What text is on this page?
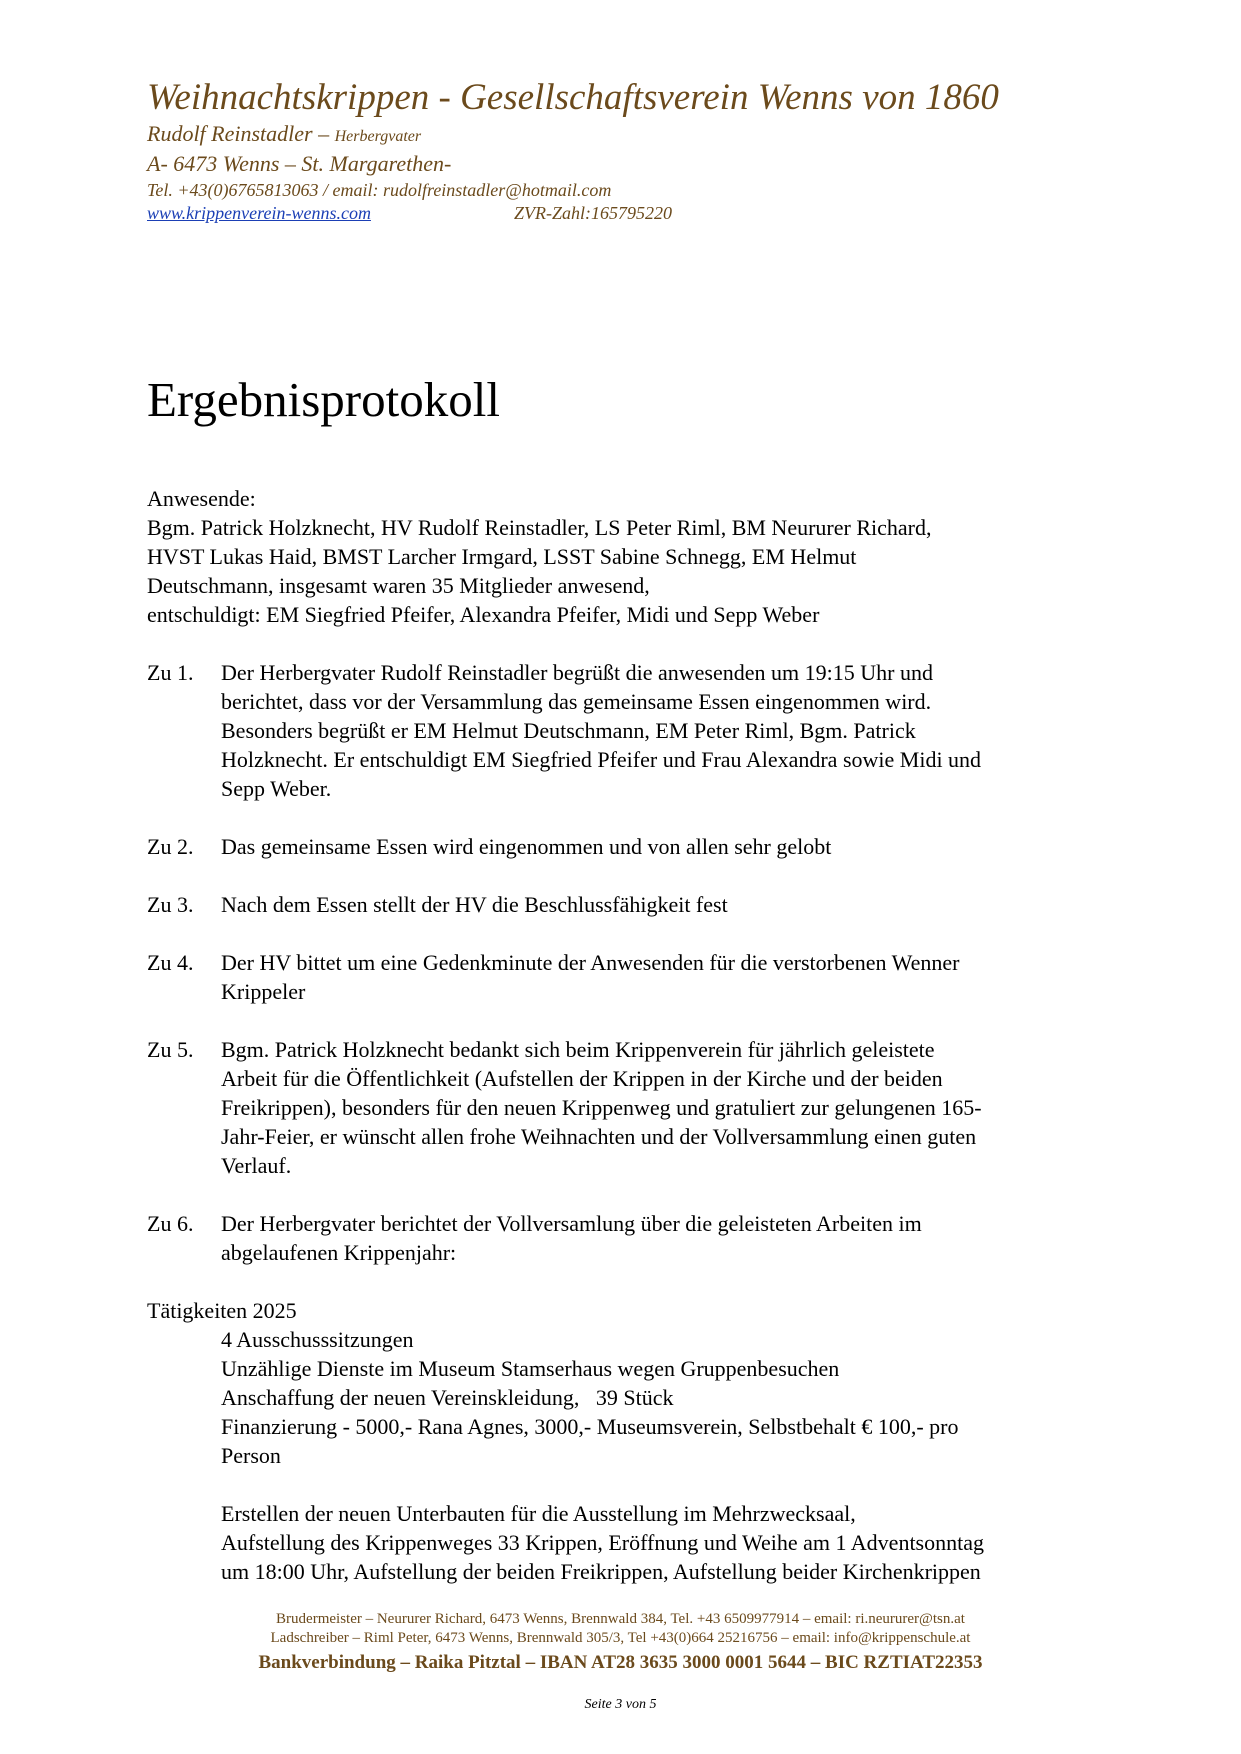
Weihnachtskrippen - Gesellschaftsverein Wenns von 1860
Rudolf Reinstadler – Herbergvater
A- 6473 Wenns – St. Margarethen-
Tel. +43(0)6765813063 / email: rudolfreinstadler@hotmail.com
www.krippenverein-wenns.com	ZVR-Zahl:165795220
Ergebnisprotokoll

Anwesende:

Bgm. Patrick Holzknecht, HV Rudolf Reinstadler, LS Peter Riml, BM Neururer Richard,

HVST Lukas Haid, BMST Larcher Irmgard, LSST Sabine Schnegg, EM Helmut

Deutschmann, insgesamt waren 35 Mitglieder anwesend,

entschuldigt: EM Siegfried Pfeifer, Alexandra Pfeifer, Midi und Sepp Weber

Zu 1. Der Herbergvater Rudolf Reinstadler begrüßt die anwesenden um 19:15 Uhr und

berichtet, dass vor der Versammlung das gemeinsame Essen eingenommen wird.

Besonders begrüßt er EM Helmut Deutschmann, EM Peter Riml, Bgm. Patrick

Holzknecht. Er entschuldigt EM Siegfried Pfeifer und Frau Alexandra sowie Midi und

Sepp Weber.

Zu 2. Das gemeinsame Essen wird eingenommen und von allen sehr gelobt

Zu 3. Nach dem Essen stellt der HV die Beschlussfähigkeit fest

Zu 4. Der HV bittet um eine Gedenkminute der Anwesenden für die verstorbenen Wenner

Krippeler

Zu 5. Bgm. Patrick Holzknecht bedankt sich beim Krippenverein für jährlich geleistete

Arbeit für die Öffentlichkeit (Aufstellen der Krippen in der Kirche und der beiden

Freikrippen), besonders für den neuen Krippenweg und gratuliert zur gelungenen 165-

Jahr-Feier, er wünscht allen frohe Weihnachten und der Vollversammlung einen guten

Verlauf.

Zu 6. Der Herbergvater berichtet der Vollversamlung über die geleisteten Arbeiten im

abgelaufenen Krippenjahr:

Tätigkeiten 2025

4 Ausschusssitzungen

Unzählige Dienste im Museum Stamserhaus wegen Gruppenbesuchen

Anschaffung der neuen Vereinskleidung,   39 Stück

Finanzierung - 5000,- Rana Agnes, 3000,- Museumsverein, Selbstbehalt € 100,- pro

Person

Erstellen der neuen Unterbauten für die Ausstellung im Mehrzwecksaal,

Aufstellung des Krippenweges 33 Krippen, Eröffnung und Weihe am 1 Adventsonntag

um 18:00 Uhr, Aufstellung der beiden Freikrippen, Aufstellung beider Kirchenkrippen

Brudermeister – Neururer Richard, 6473 Wenns, Brennwald 384, Tel. +43 6509977914 – email: ri.neururer@tsn.at
Ladschreiber – Riml Peter, 6473 Wenns, Brennwald 305/3, Tel +43(0)664 25216756 – email: info@krippenschule.at
Bankverbindung – Raika Pitztal – IBAN AT28 3635 3000 0001 5644 – BIC RZTIAT22353
Seite 3 von 5
